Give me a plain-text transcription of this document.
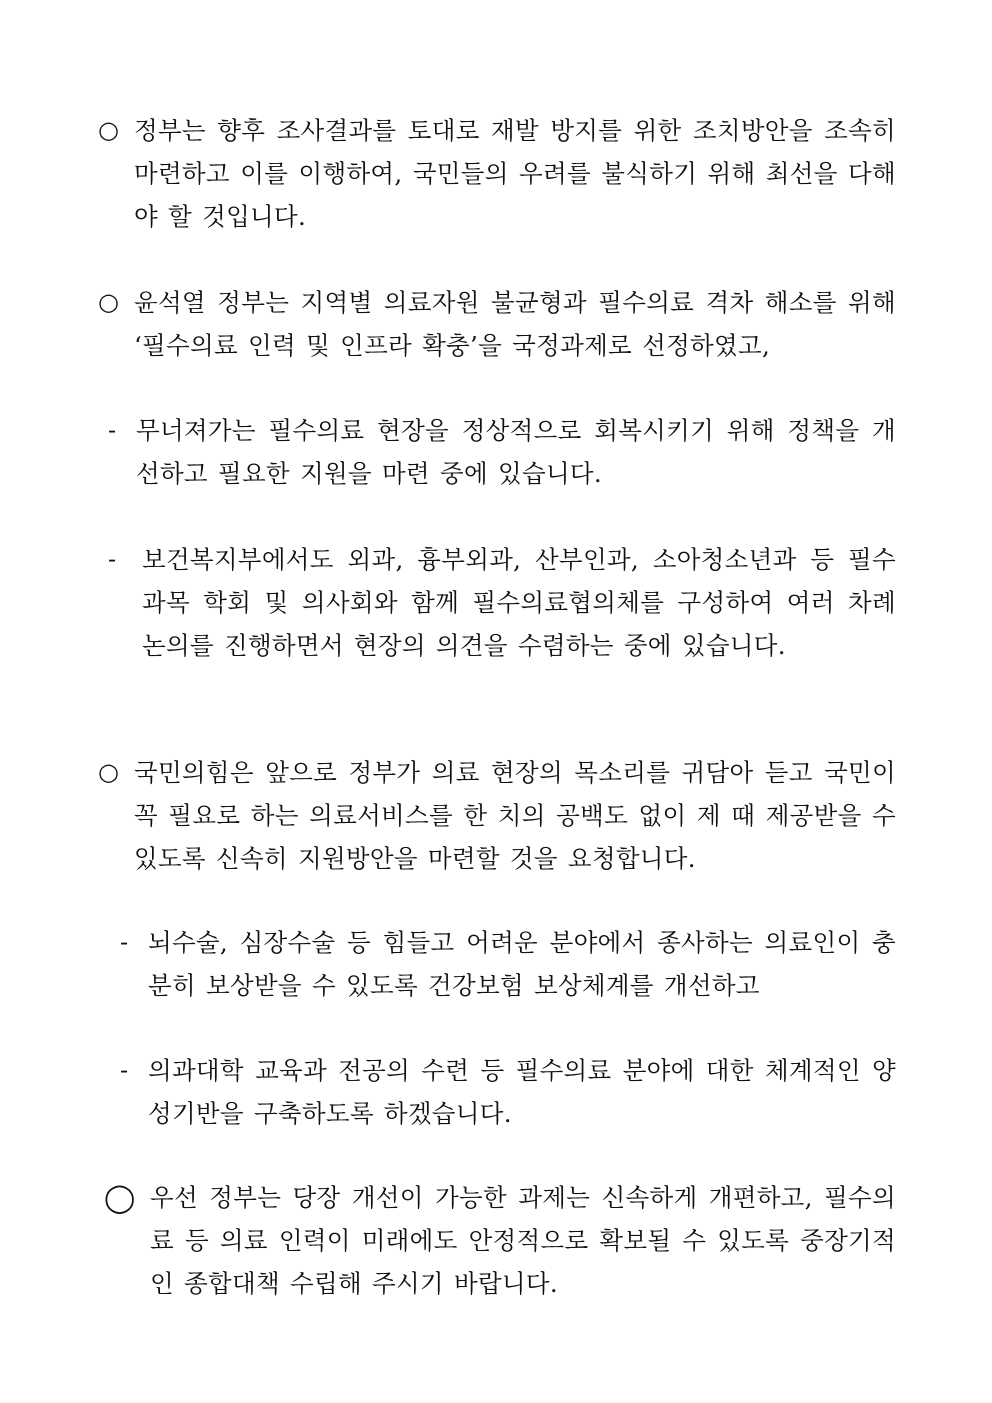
○ 정부는 향후 조사결과를 토대로 재발 방지를 위한 조치방안을 조속히 마련하고 이를 이행하여, 국민들의 우려를 불식하기 위해 최선을 다해야 할 것입니다.
○ 윤석열 정부는 지역별 의료자원 불균형과 필수의료 격차 해소를 위해 ‘필수의료 인력 및 인프라 확충’을 국정과제로 선정하였고,
- 무너져가는 필수의료 현장을 정상적으로 회복시키기 위해 정책을 개선하고 필요한 지원을 마련 중에 있습니다.
- 보건복지부에서도 외과, 흉부외과, 산부인과, 소아청소년과 등 필수과목 학회 및 의사회와 함께 필수의료협의체를 구성하여 여러 차례 논의를 진행하면서 현장의 의견을 수렴하는 중에 있습니다.
○ 국민의힘은 앞으로 정부가 의료 현장의 목소리를 귀담아 듣고 국민이 꼭 필요로 하는 의료서비스를 한 치의 공백도 없이 제 때 제공받을 수 있도록 신속히 지원방안을 마련할 것을 요청합니다.
- 뇌수술, 심장수술 등 힘들고 어려운 분야에서 종사하는 의료인이 충분히 보상받을 수 있도록 건강보험 보상체계를 개선하고
- 의과대학 교육과 전공의 수련 등 필수의료 분야에 대한 체계적인 양성기반을 구축하도록 하겠습니다.
◯ 우선 정부는 당장 개선이 가능한 과제는 신속하게 개편하고, 필수의료 등 의료 인력이 미래에도 안정적으로 확보될 수 있도록 중장기적인 종합대책 수립해 주시기 바랍니다.
